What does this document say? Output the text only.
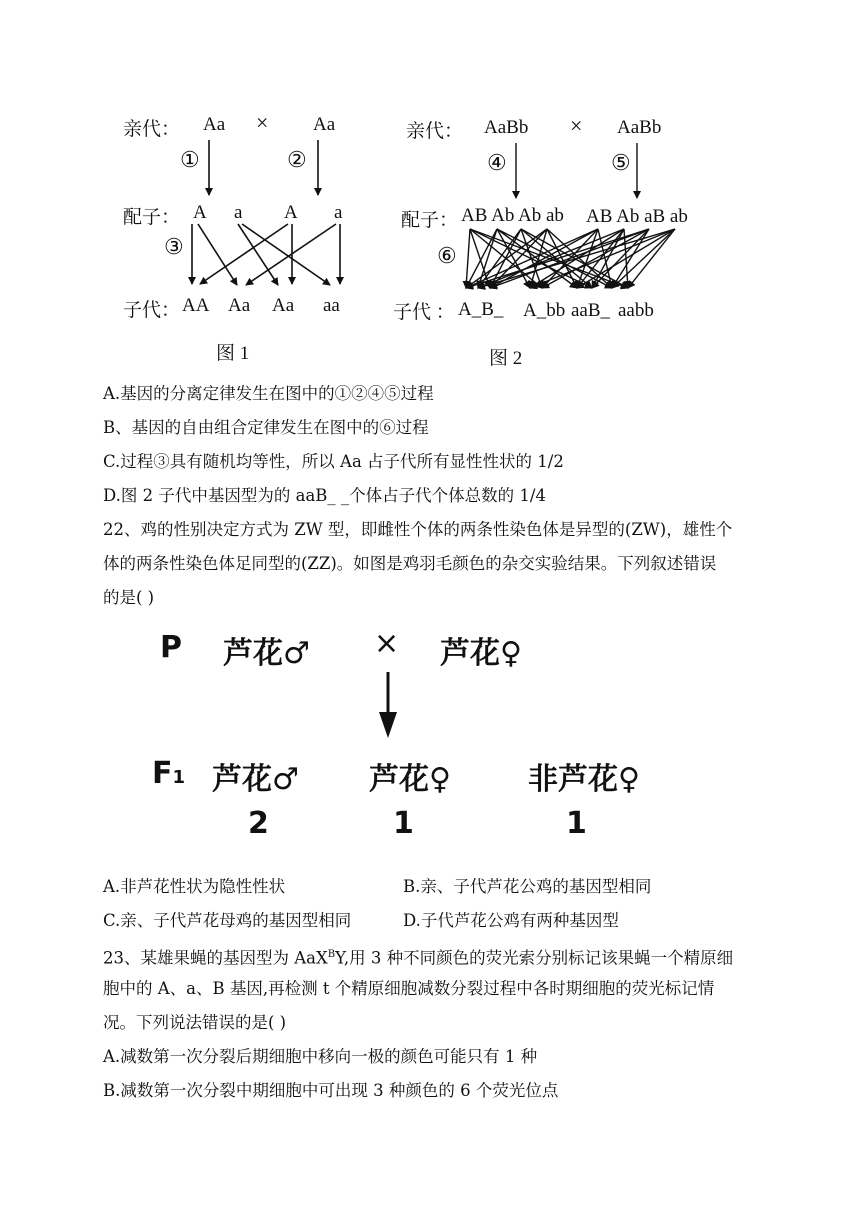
亲代： Aa × Aa
①	②
配子： A a A a
③
子代： AA Aa Aa aa
图 1
亲代： AaBb × AaBb
④	⑤
配子： AB Ab Ab ab AB Ab aB ab
⑥
子代 ： A_B_ A_bb aaB_ aabb
图 2
A.基因的分离定律发生在图中的①②④⑤过程
B、基因的自由组合定律发生在图中的⑥过程
C.过程③具有随机均等性，所以 Aa 占子代所有显性性状的 1/2
D.图 2 子代中基因型为的 aaB_ _个体占子代个体总数的 1/4
22、鸡的性别决定方式为 ZW 型，即雌性个体的两条性染色体是异型的(ZW)，雄性个
体的两条性染色体足同型的(ZZ)。如图是鸡羽毛颜色的杂交实验结果。下列叙述错误
的是( )
P 芦花♂ × 芦花♀
F1 芦花♂ 芦花♀	非芦花♀
2	1	1
A.非芦花性状为隐性性状	B.亲、子代芦花公鸡的基因型相同
C.亲、子代芦花母鸡的基因型相同	D.子代芦花公鸡有两种基因型
23、某雄果蝇的基因型为 AaX$^B$Y,用 3 种不同颜色的荧光索分别标记该果蝇一个精原细
胞中的 A、a、B 基因,再检测 t 个精原细胞减数分裂过程中各时期细胞的荧光标记情
况。下列说法错误的是( )
A.减数第一次分裂后期细胞中移向一极的颜色可能只有 1 种
B.减数第一次分裂中期细胞中可出现 3 种颜色的 6 个荧光位点
